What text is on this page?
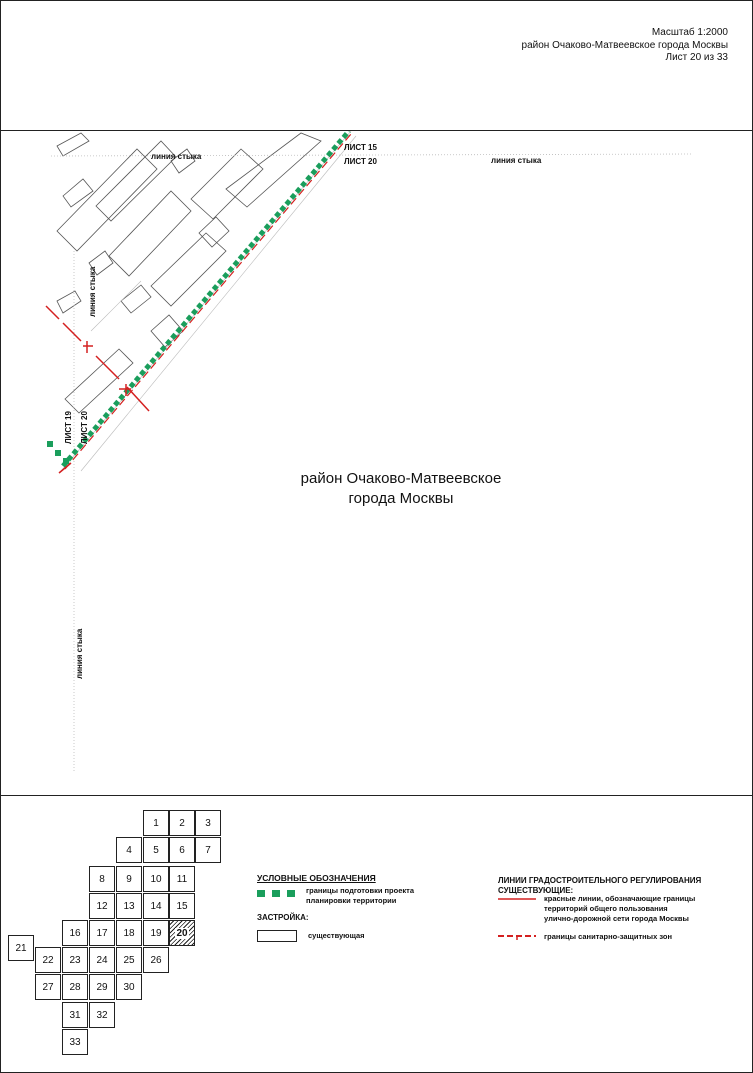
Масштаб 1:2000
район Очаково-Матвеевское города Москвы
Лист 20 из 33
ЛИСТ 15
ЛИСТ 20
линия стыка	линия стыка
линия стыка
ЛИСТ 19 ЛИСТ 20
линия стыка
район Очаково-Матвеевское
города Москвы
1 2 3
4 5 6 7
8 9 10 11
12 13 14 15
16 17 18 19 20
21
22 23 24 25 26
27 28 29 30
31 32
33
УСЛОВНЫЕ ОБОЗНАЧЕНИЯ
границы подготовки проекта
планировки территории
ЗАСТРОЙКА:
существующая
ЛИНИИ ГРАДОСТРОИТЕЛЬНОГО РЕГУЛИРОВАНИЯ
СУЩЕСТВУЮЩИЕ:
красные линии, обозначающие границы
территорий общего пользования
улично-дорожной сети города Москвы
границы санитарно-защитных зон
